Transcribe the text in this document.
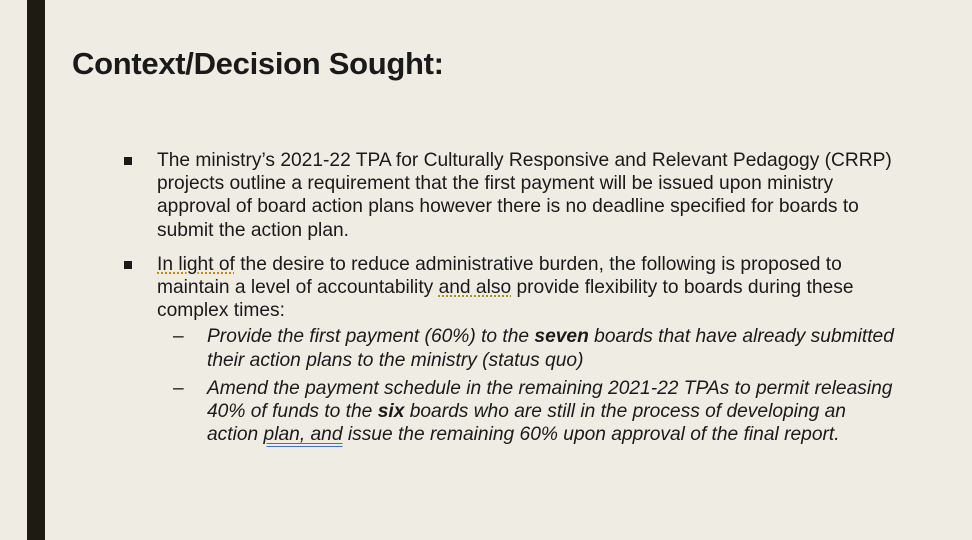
Context/Decision Sought:
The ministry’s 2021-22 TPA for Culturally Responsive and Relevant Pedagogy (CRRP) projects outline a requirement that the first payment will be issued upon ministry approval of board action plans however there is no deadline specified for boards to submit the action plan.
In light of the desire to reduce administrative burden, the following is proposed to maintain a level of accountability and also provide flexibility to boards during these complex times:
– Provide the first payment (60%) to the seven boards that have already submitted their action plans to the ministry (status quo)
– Amend the payment schedule in the remaining 2021-22 TPAs to permit releasing 40% of funds to the six boards who are still in the process of developing an action plan, and issue the remaining 60% upon approval of the final report.
